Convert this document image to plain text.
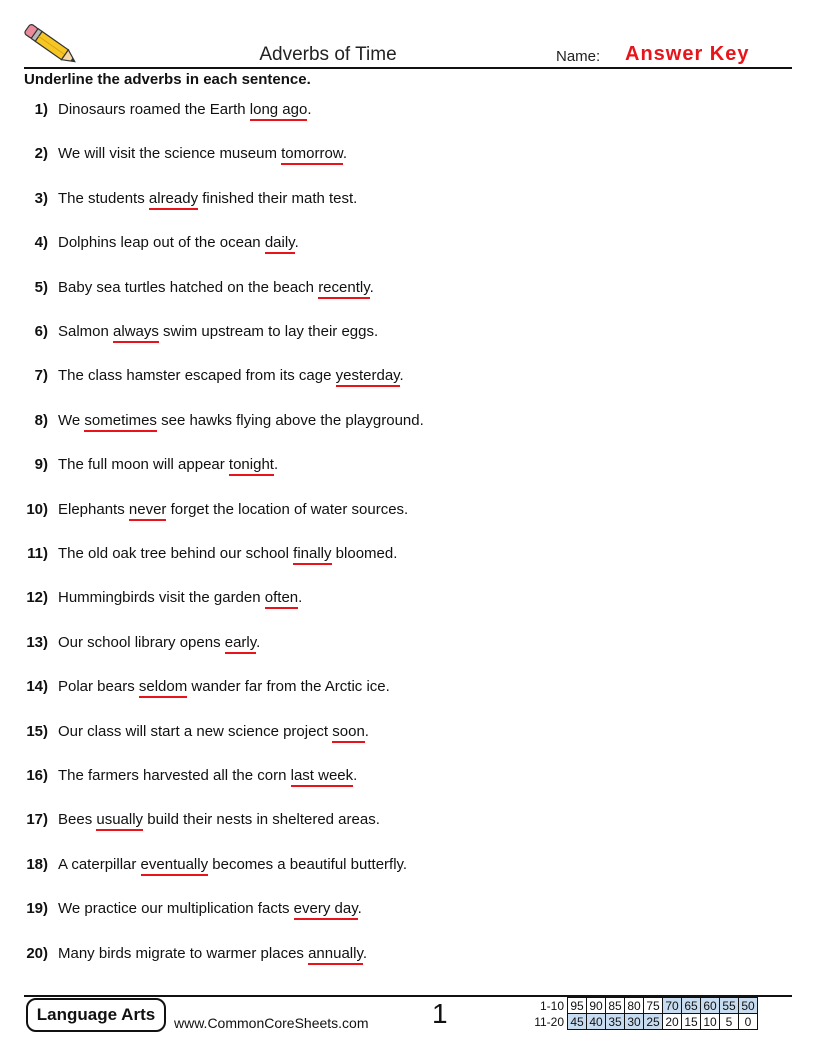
Adverbs of Time	Name: Answer Key
Underline the adverbs in each sentence.
1) Dinosaurs roamed the Earth long ago.
2) We will visit the science museum tomorrow.
3) The students already finished their math test.
4) Dolphins leap out of the ocean daily.
5) Baby sea turtles hatched on the beach recently.
6) Salmon always swim upstream to lay their eggs.
7) The class hamster escaped from its cage yesterday.
8) We sometimes see hawks flying above the playground.
9) The full moon will appear tonight.
10) Elephants never forget the location of water sources.
11) The old oak tree behind our school finally bloomed.
12) Hummingbirds visit the garden often.
13) Our school library opens early.
14) Polar bears seldom wander far from the Arctic ice.
15) Our class will start a new science project soon.
16) The farmers harvested all the corn last week.
17) Bees usually build their nests in sheltered areas.
18) A caterpillar eventually becomes a beautiful butterfly.
19) We practice our multiplication facts every day.
20) Many birds migrate to warmer places annually.
Language Arts	www.CommonCoreSheets.com 1	1-10	95	90	85	80	75	70	65	60	55	50
11-20	45	40	35	30	25	20	15	10	5	0
